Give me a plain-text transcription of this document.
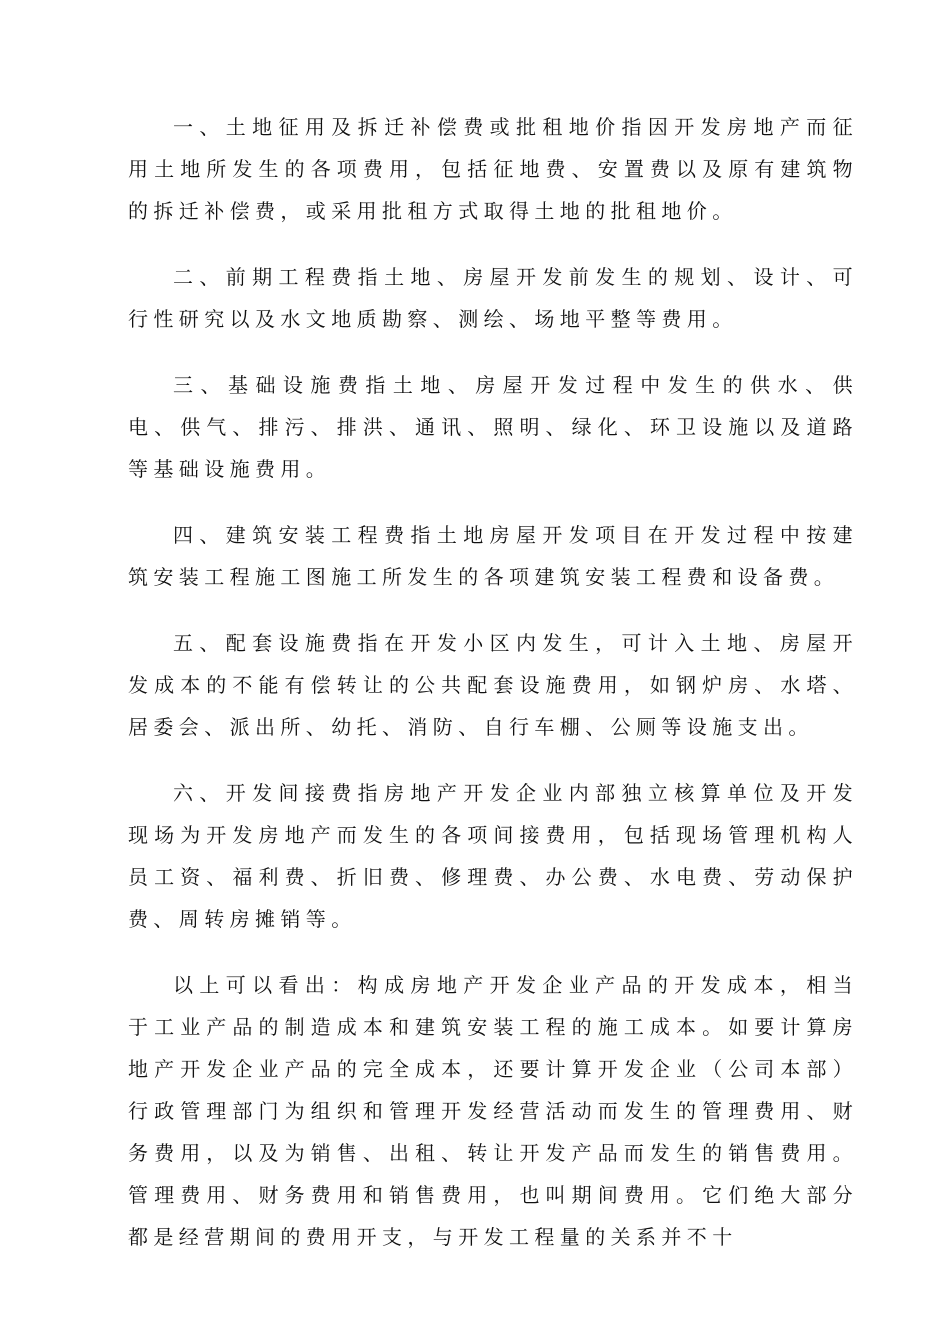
一、土地征用及拆迁补偿费或批租地价指因开发房地产而征用土地所发生的各项费用，包括征地费、安置费以及原有建筑物的拆迁补偿费，或采用批租方式取得土地的批租地价。

二、前期工程费指土地、房屋开发前发生的规划、设计、可行性研究以及水文地质勘察、测绘、场地平整等费用。

三、基础设施费指土地、房屋开发过程中发生的供水、供电、供气、排污、排洪、通讯、照明、绿化、环卫设施以及道路等基础设施费用。

四、建筑安装工程费指土地房屋开发项目在开发过程中按建筑安装工程施工图施工所发生的各项建筑安装工程费和设备费。

五、配套设施费指在开发小区内发生，可计入土地、房屋开发成本的不能有偿转让的公共配套设施费用，如钢炉房、水塔、居委会、派出所、幼托、消防、自行车棚、公厕等设施支出。

六、开发间接费指房地产开发企业内部独立核算单位及开发现场为开发房地产而发生的各项间接费用，包括现场管理机构人员工资、福利费、折旧费、修理费、办公费、水电费、劳动保护费、周转房摊销等。

以上可以看出：构成房地产开发企业产品的开发成本，相当于工业产品的制造成本和建筑安装工程的施工成本。如要计算房地产开发企业产品的完全成本，还要计算开发企业（公司本部）行政管理部门为组织和管理开发经营活动而发生的管理费用、财务费用，以及为销售、出租、转让开发产品而发生的销售费用。管理费用、财务费用和销售费用，也叫期间费用。它们绝大部分都是经营期间的费用开支，与开发工程量的关系并不十
